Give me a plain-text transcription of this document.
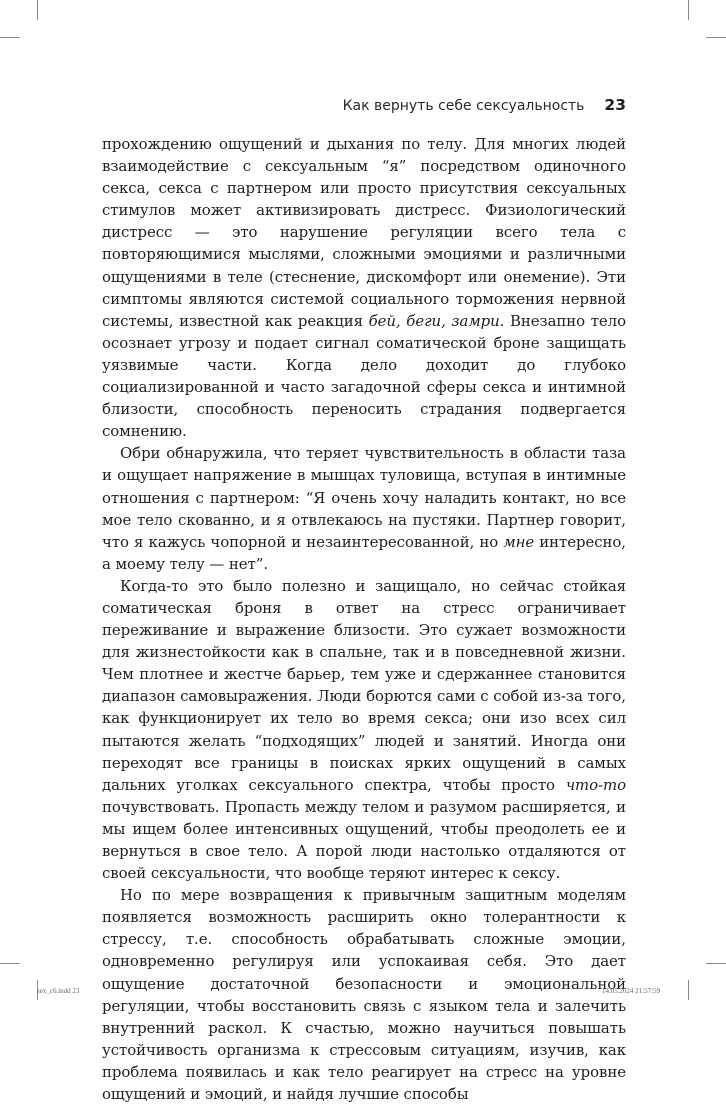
Как вернуть себе сексуальность 23

прохождению ощущений и дыхания по телу. Для многих людей взаимодействие с сексуальным “я” посредством одиночного секса, секса с партнером или просто присутствия сексуальных стимулов может активизировать дистресс. Физиологический дистресс — это нарушение регуляции всего тела с повторяющимися мыслями, сложными эмоциями и различными ощущениями в теле (стеснение, дискомфорт или онемение). Эти симптомы являются системой социального торможения нервной системы, известной как реакция бей, беги, замри. Внезапно тело осознает угрозу и подает сигнал соматической броне защищать уязвимые части. Когда дело доходит до глубоко социализированной и часто загадочной сферы секса и интимной близости, способность переносить страдания подвергается сомнению.

Обри обнаружила, что теряет чувствительность в области таза и ощущает напряжение в мышцах туловища, вступая в интимные отношения с партнером: “Я очень хочу наладить контакт, но все мое тело скованно, и я отвлекаюсь на пустяки. Партнер говорит, что я кажусь чопорной и незаинтересованной, но мне интересно, а моему телу — нет”.

Когда-то это было полезно и защищало, но сейчас стойкая соматическая броня в ответ на стресс ограничивает переживание и выражение близости. Это сужает возможности для жизнестойкости как в спальне, так и в повседневной жизни. Чем плотнее и жестче барьер, тем уже и сдержаннее становится диапазон самовыражения. Люди борются сами с собой из-за того, как функционирует их тело во время секса; они изо всех сил пытаются желать “подходящих” людей и занятий. Иногда они переходят все границы в поисках ярких ощущений в самых дальних уголках сексуального спектра, чтобы просто что-то почувствовать. Пропасть между телом и разумом расширяется, и мы ищем более интенсивных ощущений, чтобы преодолеть ее и вернуться в свое тело. А порой люди настолько отдаляются от своей сексуальности, что вообще теряют интерес к сексу.

Но по мере возвращения к привычным защитным моделям появляется возможность расширить окно толерантности к стрессу, т.е. способность обрабатывать сложные эмоции, одновременно регулируя или успокаивая себя. Это дает ощущение достаточной безопасности и эмоциональной регуляции, чтобы восстановить связь с языком тела и залечить внутренний раскол. К счастью, можно научиться повышать устойчивость организма к стрессовым ситуациям, изучив, как проблема появилась и как тело реагирует на стресс на уровне ощущений и эмоций, и найдя лучшие способы

sex_c6.indd 23	14.05.2024 21:57:59
